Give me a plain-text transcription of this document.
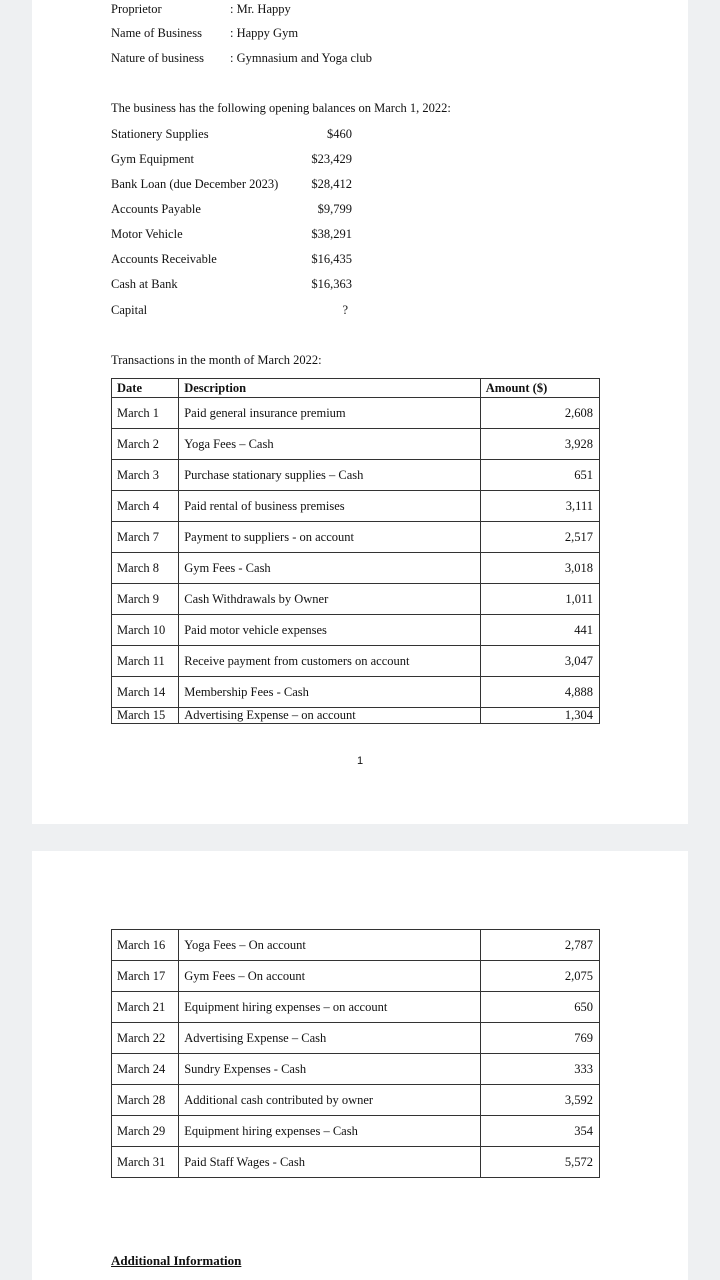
Proprietor	: Mr. Happy
Name of Business : Happy Gym
Nature of business : Gymnasium and Yoga club
The business has the following opening balances on March 1, 2022:
Stationery Supplies	$460
Gym Equipment	$23,429
Bank Loan (due December 2023)	$28,412
Accounts Payable	$9,799
Motor Vehicle	$38,291
Accounts Receivable	$16,435
Cash at Bank	$16,363
Capital	?
Transactions in the month of March 2022:
Date	Description	Amount ($)
March 1	Paid general insurance premium	2,608
March 2	Yoga Fees – Cash	3,928
March 3	Purchase stationary supplies – Cash	651
March 4	Paid rental of business premises	3,111
March 7	Payment to suppliers - on account	2,517
March 8	Gym Fees - Cash	3,018
March 9	Cash Withdrawals by Owner	1,011
March 10	Paid motor vehicle expenses	441
March 11	Receive payment from customers on account	3,047
March 14	Membership Fees - Cash	4,888
March 15	Advertising Expense – on account	1,304
1
March 16	Yoga Fees – On account	2,787
March 17	Gym Fees – On account	2,075
March 21	Equipment hiring expenses – on account	650
March 22	Advertising Expense – Cash	769
March 24	Sundry Expenses - Cash	333
March 28	Additional cash contributed by owner	3,592
March 29	Equipment hiring expenses – Cash	354
March 31	Paid Staff Wages - Cash	5,572
Additional Information
